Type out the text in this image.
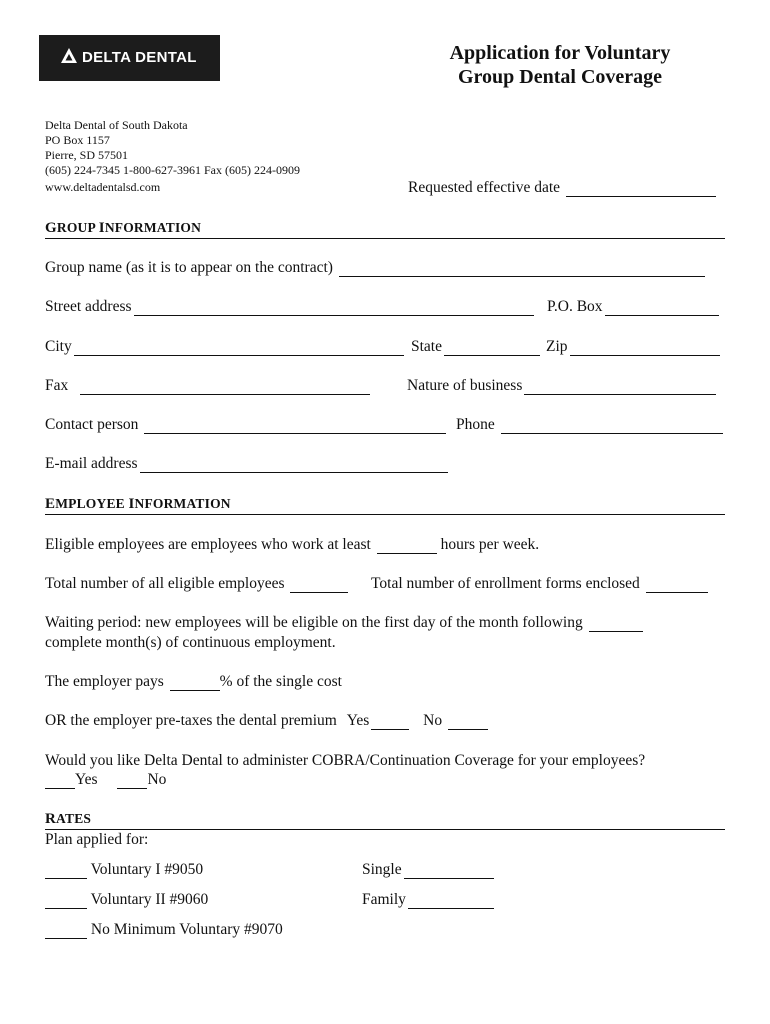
DELTA DENTAL	Application for Voluntary
Group Dental Coverage
Delta Dental of South Dakota
PO Box 1157
Pierre, SD 57501
(605) 224-7345 1-800-627-3961 Fax (605) 224-0909
www.deltadentalsd.com	Requested effective date
GROUP INFORMATION
Group name (as it is to appear on the contract)
Street address	P.O. Box
City	State	Zip
Fax	Nature of business
Contact person	Phone
E-mail address
EMPLOYEE INFORMATION
Eligible employees are employees who work at least	hours per week.
Total number of all eligible employees	Total number of enrollment forms enclosed
Waiting period: new employees will be eligible on the first day of the month following
complete month(s) of continuous employment.
The employer pays	% of the single cost
OR the employer pre-taxes the dental premium Yes	No
Would you like Delta Dental to administer COBRA/Continuation Coverage for your employees?
Yes	No
RATES
Plan applied for:
Voluntary I #9050	Single
Voluntary II #9060	Family
No Minimum Voluntary #9070
